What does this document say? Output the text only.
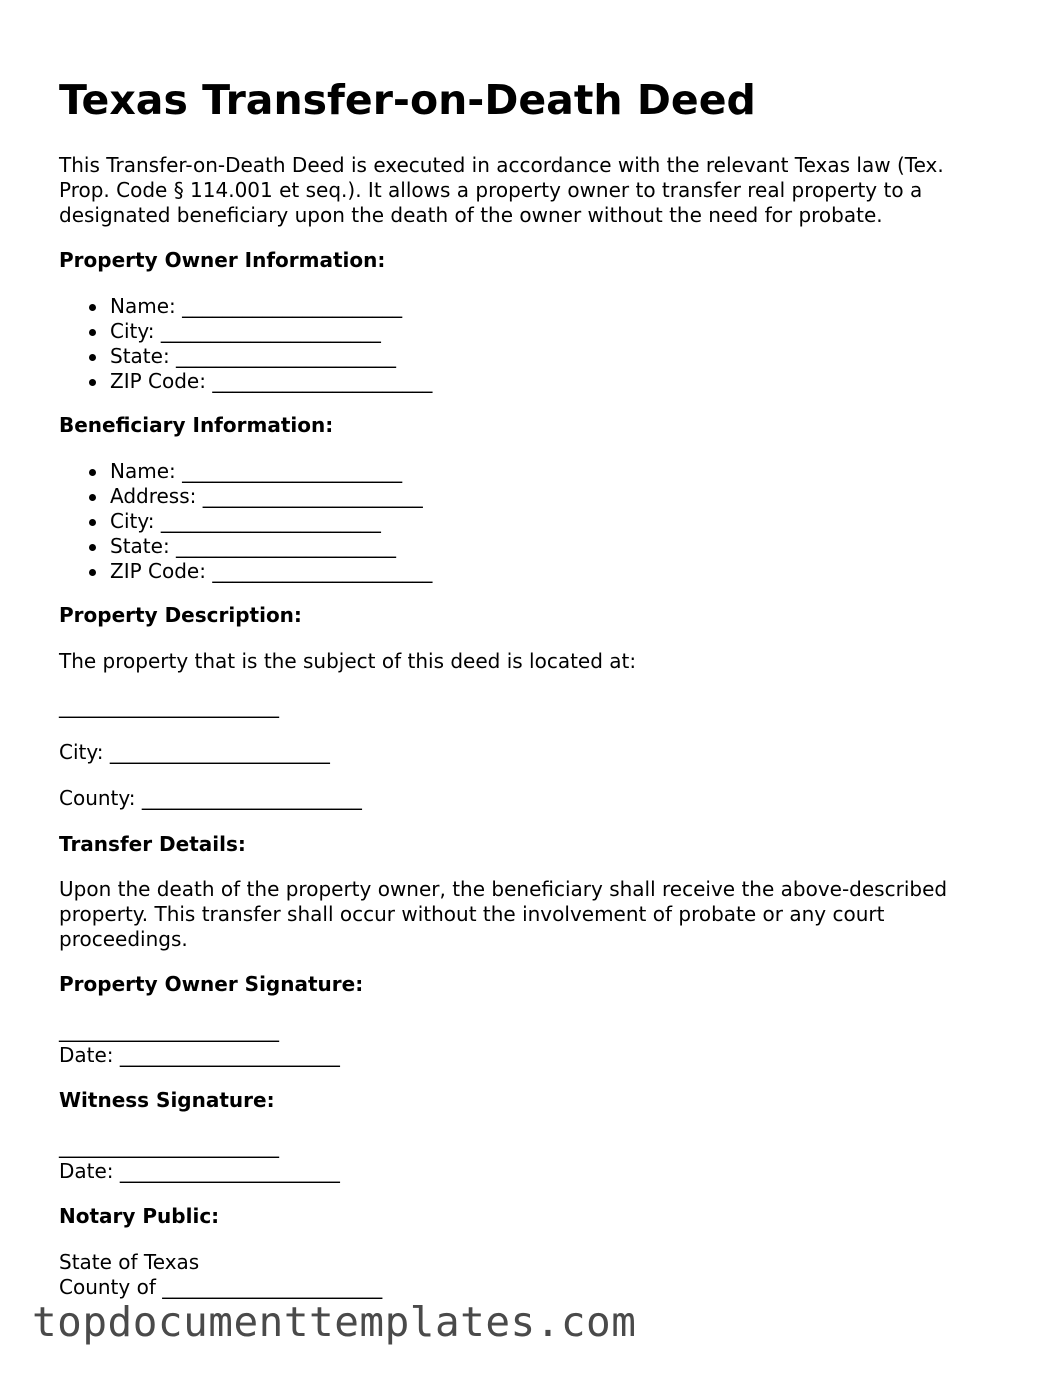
Texas Transfer-on-Death Deed

This Transfer-on-Death Deed is executed in accordance with the relevant Texas law (Tex. Prop. Code § 114.001 et seq.). It allows a property owner to transfer real property to a designated beneficiary upon the death of the owner without the need for probate.

Property Owner Information:

Name: ______________________
City: ______________________
State: ______________________
ZIP Code: ______________________

Beneficiary Information:

Name: ______________________
Address: ______________________
City: ______________________
State: ______________________
ZIP Code: ______________________

Property Description:

The property that is the subject of this deed is located at:

______________________

City: ______________________

County: ______________________

Transfer Details:

Upon the death of the property owner, the beneficiary shall receive the above-described property. This transfer shall occur without the involvement of probate or any court proceedings.

Property Owner Signature:

______________________

Date: ______________________

Witness Signature:

______________________

Date: ______________________

Notary Public:

State of Texas

County of ______________________

topdocumenttemplates.com
